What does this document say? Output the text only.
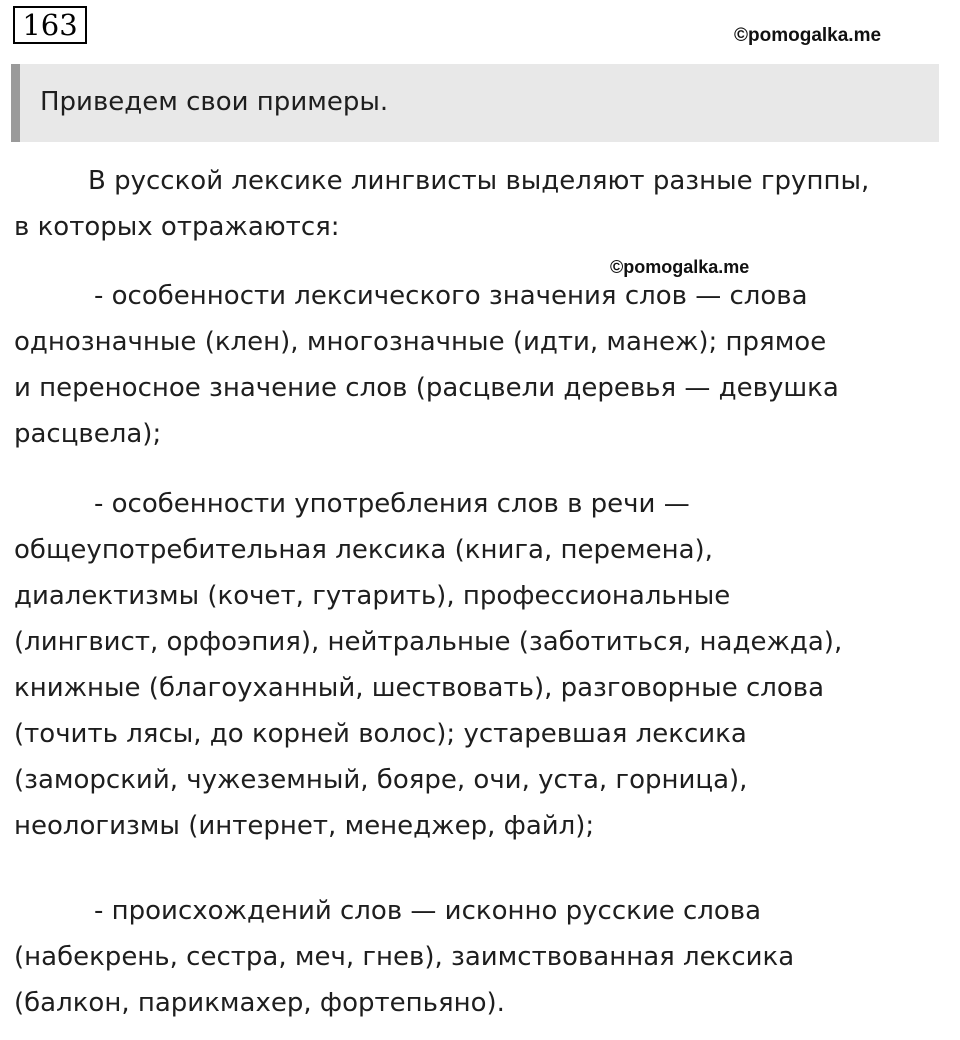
163	©pomogalka.me
Приведем свои примеры.
В русской лексике лингвисты выделяют разные группы,
в которых отражаются:
©pomogalka.me
- особенности лексического значения слов — слова
однозначные (клен), многозначные (идти, манеж); прямое
и переносное значение слов (расцвели деревья — девушка
расцвела);
- особенности употребления слов в речи —
общеупотребительная лексика (книга, перемена),
диалектизмы (кочет, гутарить), профессиональные
(лингвист, орфоэпия), нейтральные (заботиться, надежда),
книжные (благоуханный, шествовать), разговорные слова
(точить лясы, до корней волос); устаревшая лексика
(заморский, чужеземный, бояре, очи, уста, горница),
неологизмы (интернет, менеджер, файл);
- происхождений слов — исконно русские слова
(набекрень, сестра, меч, гнев), заимствованная лексика
(балкон, парикмахер, фортепьяно).
